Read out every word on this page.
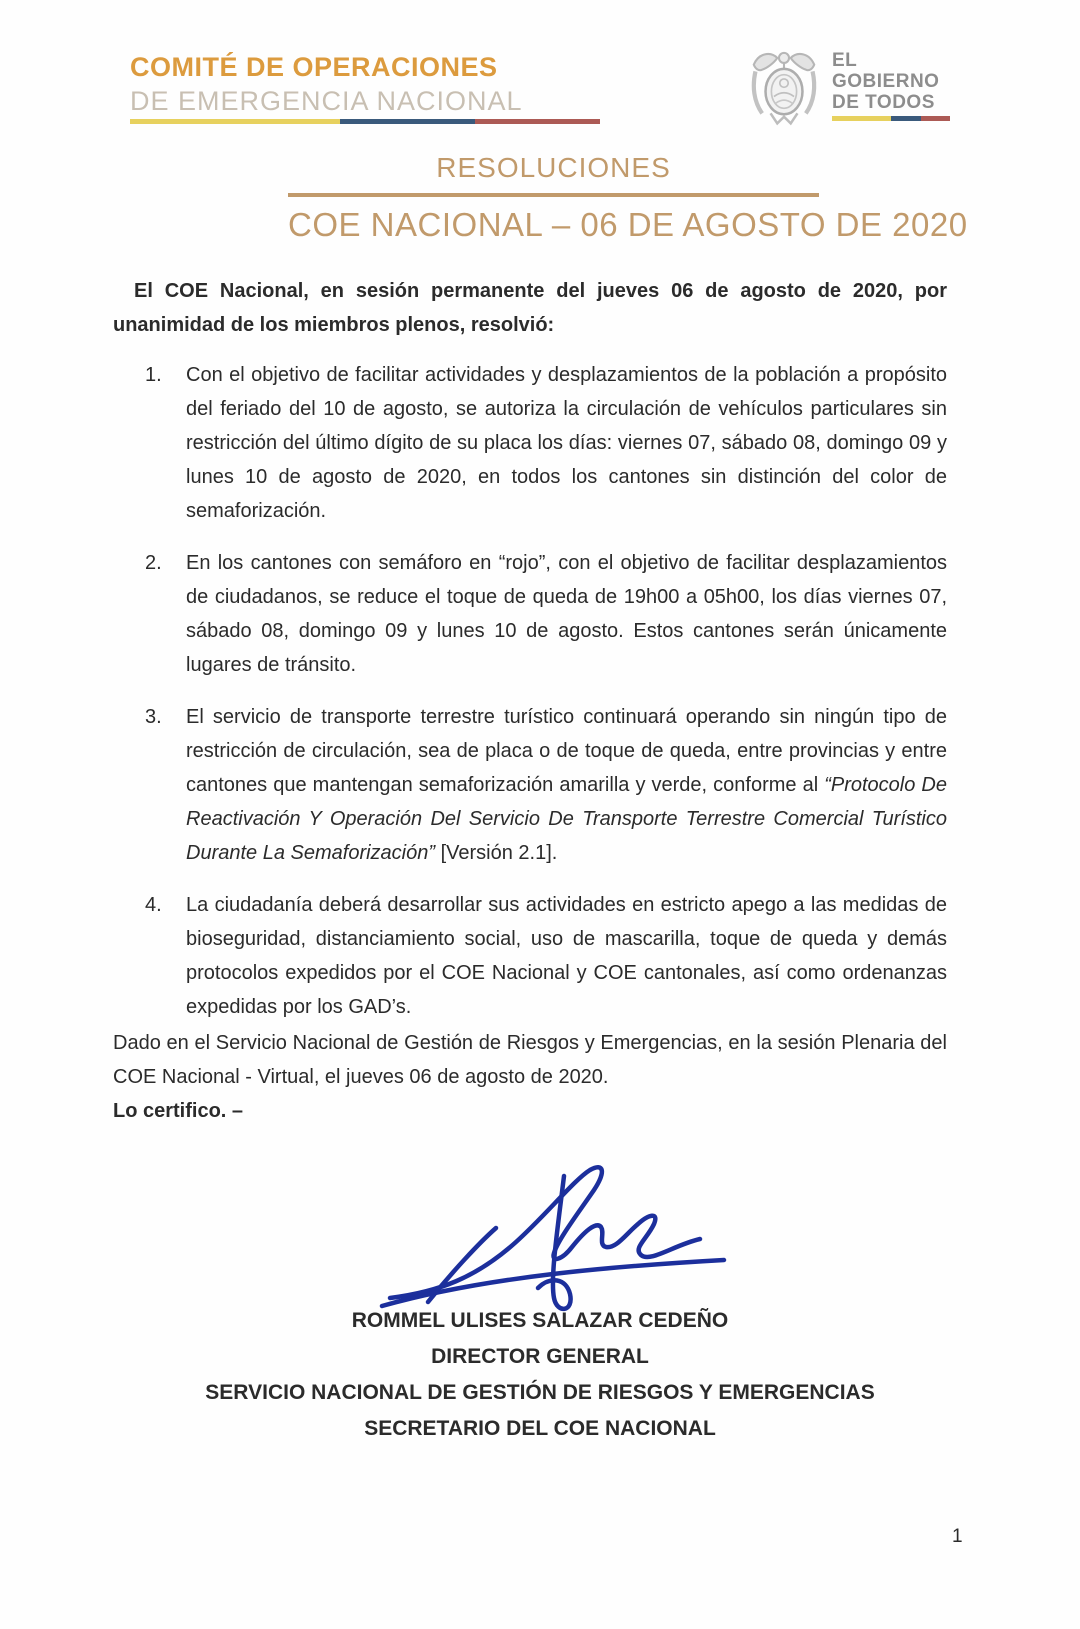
COMITÉ DE OPERACIONES
DE EMERGENCIA NACIONAL
EL
GOBIERNO
DE TODOS
RESOLUCIONES
COE NACIONAL – 06 DE AGOSTO DE 2020

El COE Nacional, en sesión permanente del jueves 06 de agosto de 2020, por unanimidad de los miembros plenos, resolvió:

1.	Con el objetivo de facilitar actividades y desplazamientos de la población a propósito del feriado del 10 de agosto, se autoriza la circulación de vehículos particulares sin restricción del último dígito de su placa los días: viernes 07, sábado 08, domingo 09 y lunes 10 de agosto de 2020, en todos los cantones sin distinción del color de semaforización.
2.	En los cantones con semáforo en “rojo”, con el objetivo de facilitar desplazamientos de ciudadanos, se reduce el toque de queda de 19h00 a 05h00, los días viernes 07, sábado 08, domingo 09 y lunes 10 de agosto. Estos cantones serán únicamente lugares de tránsito.
3.	El servicio de transporte terrestre turístico continuará operando sin ningún tipo de restricción de circulación, sea de placa o de toque de queda, entre provincias y entre cantones que mantengan semaforización amarilla y verde, conforme al “Protocolo De Reactivación Y Operación Del Servicio De Transporte Terrestre Comercial Turístico Durante La Semaforización” [Versión 2.1].
4.	La ciudadanía deberá desarrollar sus actividades en estricto apego a las medidas de bioseguridad, distanciamiento social, uso de mascarilla, toque de queda y demás protocolos expedidos por el COE Nacional y COE cantonales, así como ordenanzas expedidas por los GAD’s.

Dado en el Servicio Nacional de Gestión de Riesgos y Emergencias, en la sesión Plenaria del COE Nacional - Virtual, el jueves 06 de agosto de 2020.

Lo certifico. –

ROMMEL ULISES SALAZAR CEDEÑO
DIRECTOR GENERAL
SERVICIO NACIONAL DE GESTIÓN DE RIESGOS Y EMERGENCIAS
SECRETARIO DEL COE NACIONAL
1
